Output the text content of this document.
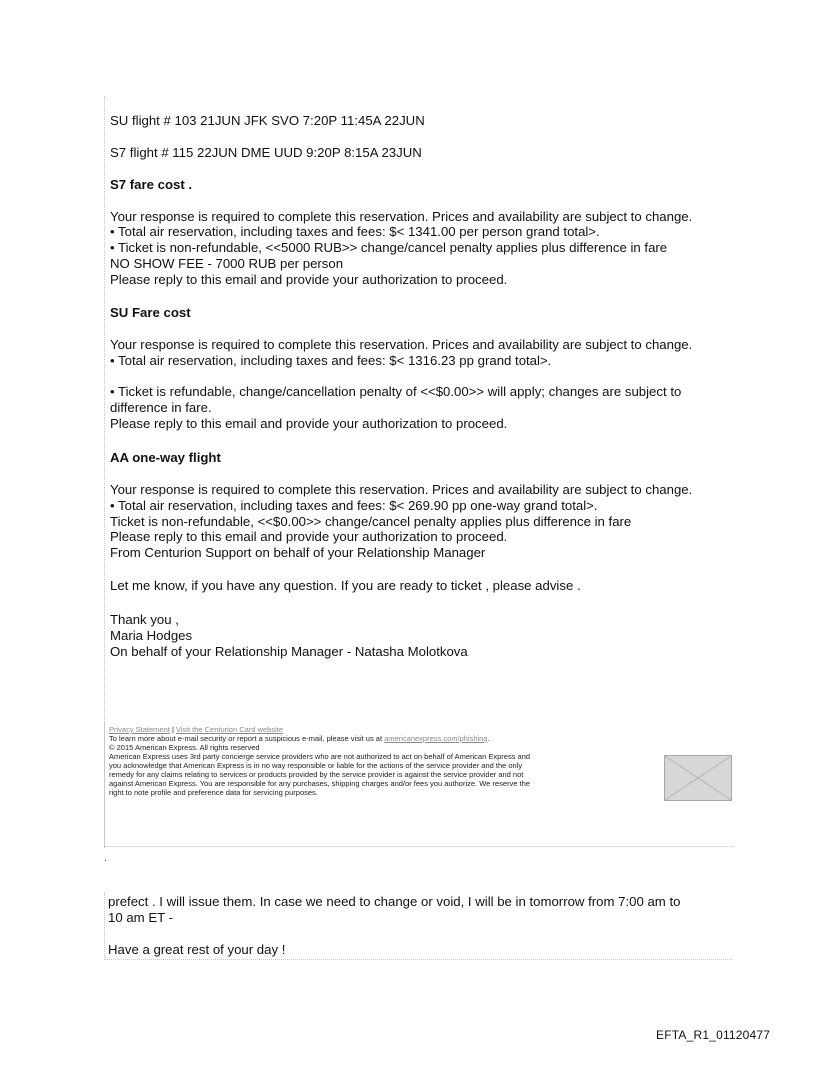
SU flight # 103 21JUN JFK SVO 7:20P 11:45A 22JUN
S7 flight # 115 22JUN DME UUD 9:20P 8:15A 23JUN
S7 fare cost .
Your response is required to complete this reservation. Prices and availability are subject to change.
• Total air reservation, including taxes and fees: $< 1341.00 per person grand total>.
• Ticket is non-refundable, <<5000 RUB>> change/cancel penalty applies plus difference in fare
NO SHOW FEE - 7000 RUB per person
Please reply to this email and provide your authorization to proceed.
SU Fare cost
Your response is required to complete this reservation. Prices and availability are subject to change.
• Total air reservation, including taxes and fees: $< 1316.23 pp grand total>.
• Ticket is refundable, change/cancellation penalty of <<$0.00>> will apply; changes are subject to
difference in fare.
Please reply to this email and provide your authorization to proceed.
AA one-way flight
Your response is required to complete this reservation. Prices and availability are subject to change.
• Total air reservation, including taxes and fees: $< 269.90 pp one-way grand total>.
Ticket is non-refundable, <<$0.00>> change/cancel penalty applies plus difference in fare
Please reply to this email and provide your authorization to proceed.
From Centurion Support on behalf of your Relationship Manager
Let me know, if you have any question. If you are ready to ticket , please advise .
Thank you ,
Maria Hodges
On behalf of your Relationship Manager - Natasha Molotkova
Privacy Statement | Visit the Centurion Card website
To learn more about e-mail security or report a suspicious e-mail, please visit us at americanexpress.com/phishing.
© 2015 American Express. All rights reserved
American Express uses 3rd party concierge service providers who are not authorized to act on behalf of American Express and
you acknowledge that American Express is in no way responsible or liable for the actions of the service provider and the only
remedy for any claims relating to services or products provided by the service provider is against the service provider and not
against American Express. You are responsible for any purchases, shipping charges and/or fees you authorize. We reserve the
right to note profile and preference data for servicing purposes.
.
prefect . I will issue them. In case we need to change or void, I will be in tomorrow from 7:00 am to
10 am ET -
Have a great rest of your day !
EFTA_R1_01120477
